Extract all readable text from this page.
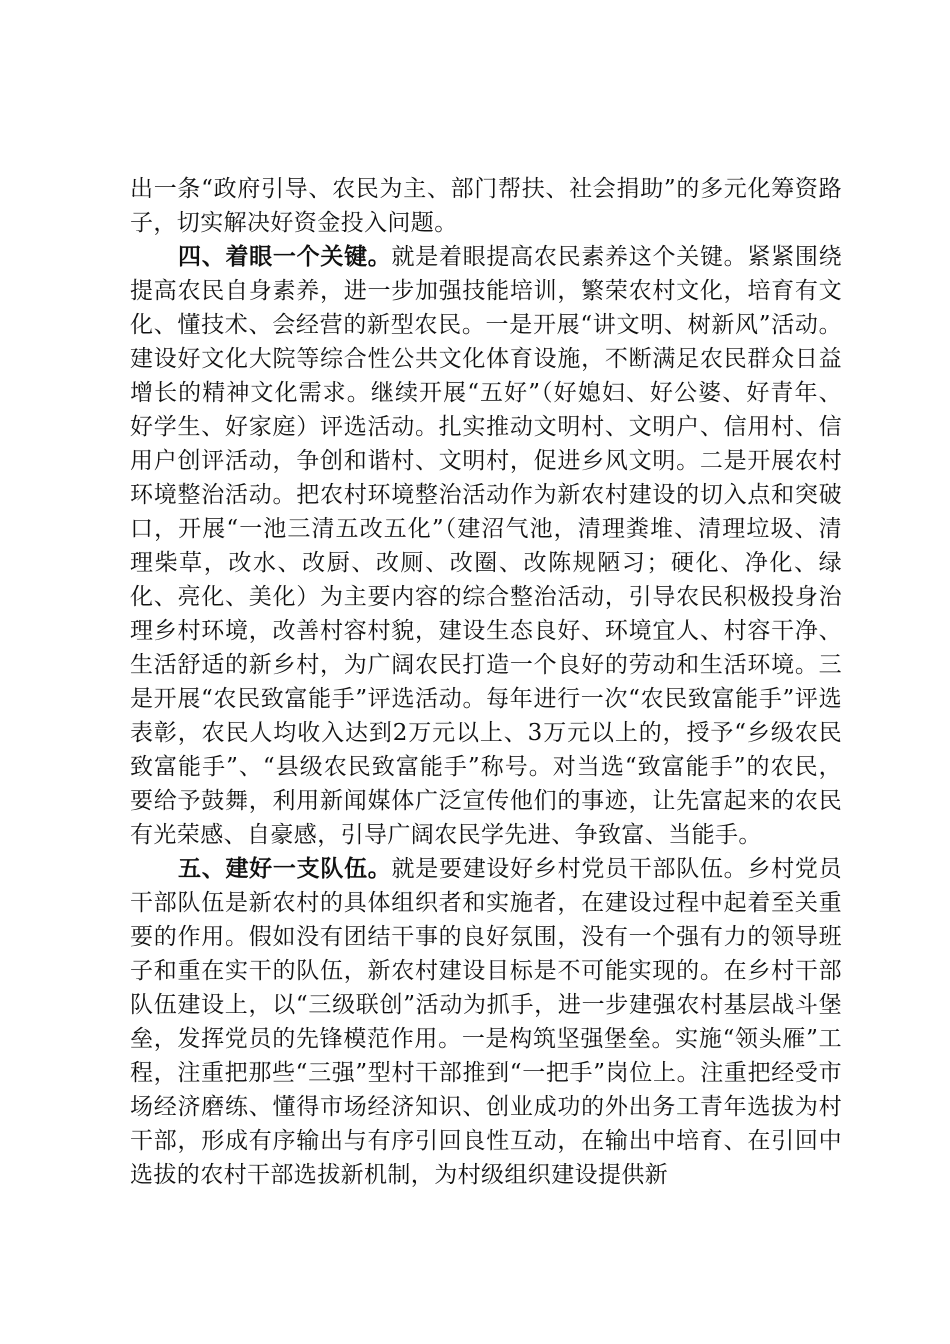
出一条“政府引导、农民为主、部门帮扶、社会捐助”的多元化筹资路子，切实解决好资金投入问题。

四、着眼一个关键。就是着眼提高农民素养这个关键。紧紧围绕提高农民自身素养，进一步加强技能培训，繁荣农村文化，培育有文化、懂技术、会经营的新型农民。一是开展“讲文明、树新风”活动。建设好文化大院等综合性公共文化体育设施，不断满足农民群众日益增长的精神文化需求。继续开展“五好”（好媳妇、好公婆、好青年、好学生、好家庭）评选活动。扎实推动文明村、文明户、信用村、信用户创评活动，争创和谐村、文明村，促进乡风文明。二是开展农村环境整治活动。把农村环境整治活动作为新农村建设的切入点和突破口，开展“一池三清五改五化”（建沼气池，清理粪堆、清理垃圾、清理柴草，改水、改厨、改厕、改圈、改陈规陋习；硬化、净化、绿化、亮化、美化）为主要内容的综合整治活动，引导农民积极投身治理乡村环境，改善村容村貌，建设生态良好、环境宜人、村容干净、生活舒适的新乡村，为广阔农民打造一个良好的劳动和生活环境。三是开展“农民致富能手”评选活动。每年进行一次“农民致富能手”评选表彰，农民人均收入达到2万元以上、3万元以上的，授予“乡级农民致富能手”、“县级农民致富能手”称号。对当选“致富能手”的农民，要给予鼓舞，利用新闻媒体广泛宣传他们的事迹，让先富起来的农民有光荣感、自豪感，引导广阔农民学先进、争致富、当能手。

五、建好一支队伍。就是要建设好乡村党员干部队伍。乡村党员干部队伍是新农村的具体组织者和实施者，在建设过程中起着至关重要的作用。假如没有团结干事的良好氛围，没有一个强有力的领导班子和重在实干的队伍，新农村建设目标是不可能实现的。在乡村干部队伍建设上，以“三级联创”活动为抓手，进一步建强农村基层战斗堡垒，发挥党员的先锋模范作用。一是构筑坚强堡垒。实施“领头雁”工程，注重把那些“三强”型村干部推到“一把手”岗位上。注重把经受市场经济磨练、懂得市场经济知识、创业成功的外出务工青年选拔为村干部，形成有序输出与有序引回良性互动，在输出中培育、在引回中选拔的农村干部选拔新机制，为村级组织建设提供新
